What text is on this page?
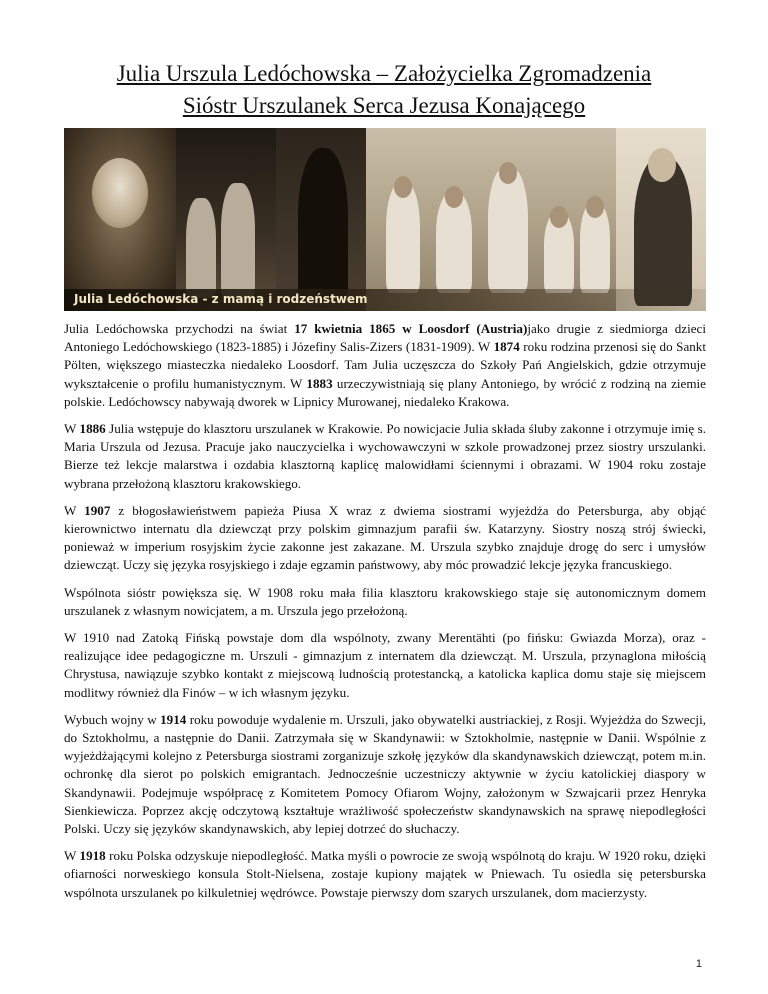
Julia Urszula Ledóchowska – Założycielka Zgromadzenia
Sióstr Urszulanek Serca Jezusa Konającego
Julia Ledóchowska - z mamą i rodzeństwem

Julia Ledóchowska przychodzi na świat 17 kwietnia 1865 w Loosdorf (Austria)jako drugie z siedmiorga dzieci Antoniego Ledóchowskiego (1823-1885) i Józefiny Salis-Zizers (1831-1909). W 1874 roku rodzina przenosi się do Sankt Pölten, większego miasteczka niedaleko Loosdorf. Tam Julia uczęszcza do Szkoły Pań Angielskich, gdzie otrzymuje wykształcenie o profilu humanistycznym. W 1883 urzeczywistniają się plany Antoniego, by wrócić z rodziną na ziemie polskie. Ledóchowscy nabywają dworek w Lipnicy Murowanej, niedaleko Krakowa.

W 1886 Julia wstępuje do klasztoru urszulanek w Krakowie. Po nowicjacie Julia składa śluby zakonne i otrzymuje imię s. Maria Urszula od Jezusa. Pracuje jako nauczycielka i wychowawczyni w szkole prowadzonej przez siostry urszulanki. Bierze też lekcje malarstwa i ozdabia klasztorną kaplicę malowidłami ściennymi i obrazami. W 1904 roku zostaje wybrana przełożoną klasztoru krakowskiego.

W 1907 z błogosławieństwem papieża Piusa X wraz z dwiema siostrami wyjeżdża do Petersburga, aby objąć kierownictwo internatu dla dziewcząt przy polskim gimnazjum parafii św. Katarzyny. Siostry noszą strój świecki, ponieważ w imperium rosyjskim życie zakonne jest zakazane. M. Urszula szybko znajduje drogę do serc i umysłów dziewcząt. Uczy się języka rosyjskiego i zdaje egzamin państwowy, aby móc prowadzić lekcje języka francuskiego.

Wspólnota sióstr powiększa się. W 1908 roku mała filia klasztoru krakowskiego staje się autonomicznym domem urszulanek z własnym nowicjatem, a m. Urszula jego przełożoną.

W 1910 nad Zatoką Fińską powstaje dom dla wspólnoty, zwany Merentähti (po fińsku: Gwiazda Morza), oraz - realizujące idee pedagogiczne m. Urszuli - gimnazjum z internatem dla dziewcząt. M. Urszula, przynaglona miłością Chrystusa, nawiązuje szybko kontakt z miejscową ludnością protestancką, a katolicka kaplica domu staje się miejscem modlitwy również dla Finów – w ich własnym języku.

Wybuch wojny w 1914 roku powoduje wydalenie m. Urszuli, jako obywatelki austriackiej, z Rosji. Wyjeżdża do Szwecji, do Sztokholmu, a następnie do Danii. Zatrzymała się w Skandynawii: w Sztokholmie, następnie w Danii. Wspólnie z wyjeżdżającymi kolejno z Petersburga siostrami zorganizuje szkołę języków dla skandynawskich dziewcząt, potem m.in. ochronkę dla sierot po polskich emigrantach. Jednocześnie uczestniczy aktywnie w życiu katolickiej diaspory w Skandynawii. Podejmuje współpracę z Komitetem Pomocy Ofiarom Wojny, założonym w Szwajcarii przez Henryka Sienkiewicza. Poprzez akcję odczytową kształtuje wrażliwość społeczeństw skandynawskich na sprawę niepodległości Polski. Uczy się języków skandynawskich, aby lepiej dotrzeć do słuchaczy.

W 1918 roku Polska odzyskuje niepodległość. Matka myśli o powrocie ze swoją wspólnotą do kraju. W 1920 roku, dzięki ofiarności norweskiego konsula Stolt-Nielsena, zostaje kupiony majątek w Pniewach. Tu osiedla się petersburska wspólnota urszulanek po kilkuletniej wędrówce. Powstaje pierwszy dom szarych urszulanek, dom macierzysty.

1
